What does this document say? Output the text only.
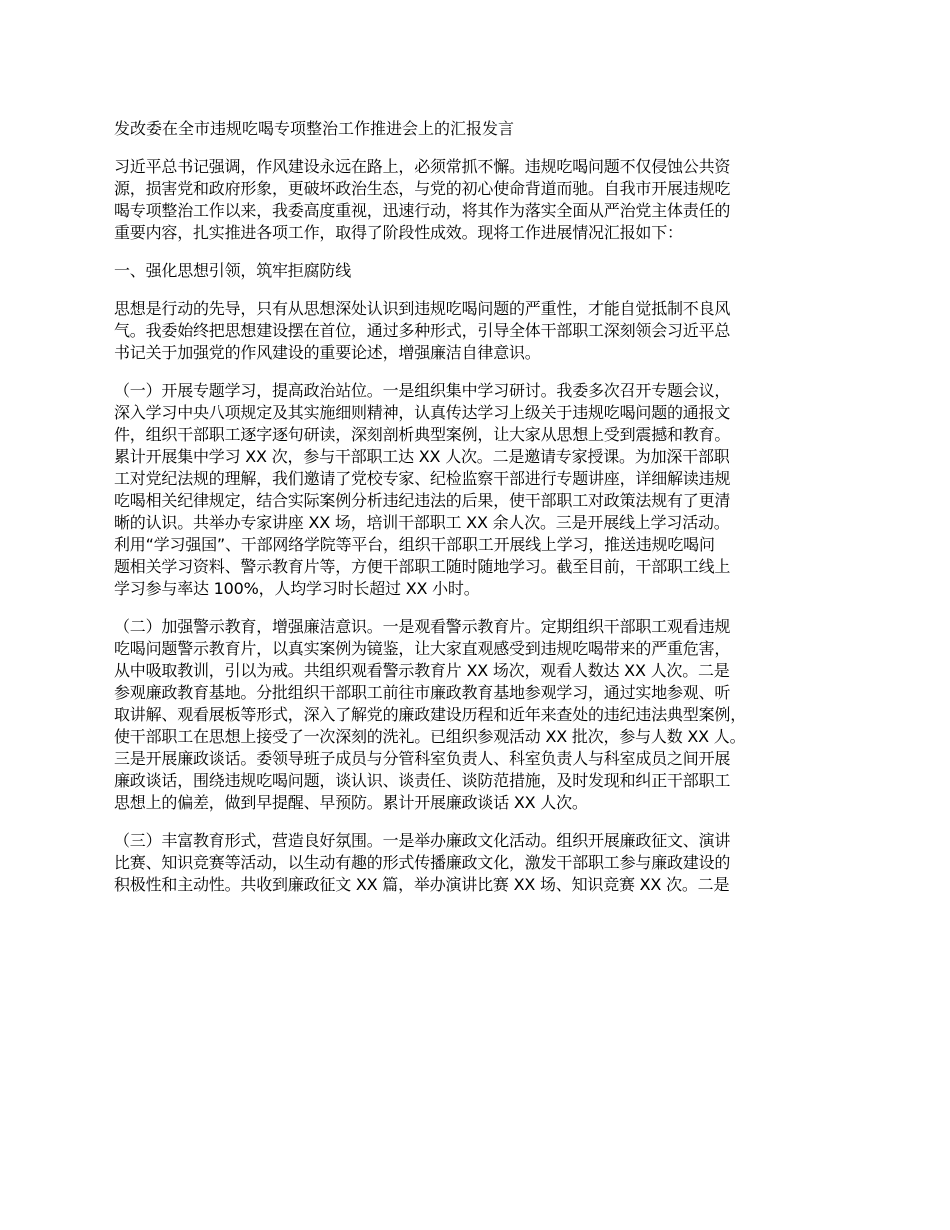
发改委在全市违规吃喝专项整治工作推进会上的汇报发言
习近平总书记强调，作风建设永远在路上，必须常抓不懈。违规吃喝问题不仅侵蚀公共资
源，损害党和政府形象，更破坏政治生态，与党的初心使命背道而驰。自我市开展违规吃
喝专项整治工作以来，我委高度重视，迅速行动，将其作为落实全面从严治党主体责任的
重要内容，扎实推进各项工作，取得了阶段性成效。现将工作进展情况汇报如下：
一、强化思想引领，筑牢拒腐防线
思想是行动的先导，只有从思想深处认识到违规吃喝问题的严重性，才能自觉抵制不良风
气。我委始终把思想建设摆在首位，通过多种形式，引导全体干部职工深刻领会习近平总
书记关于加强党的作风建设的重要论述，增强廉洁自律意识。
（一）开展专题学习，提高政治站位。一是组织集中学习研讨。我委多次召开专题会议，
深入学习中央八项规定及其实施细则精神，认真传达学习上级关于违规吃喝问题的通报文
件，组织干部职工逐字逐句研读，深刻剖析典型案例，让大家从思想上受到震撼和教育。
累计开展集中学习 XX 次，参与干部职工达 XX 人次。二是邀请专家授课。为加深干部职
工对党纪法规的理解，我们邀请了党校专家、纪检监察干部进行专题讲座，详细解读违规
吃喝相关纪律规定，结合实际案例分析违纪违法的后果，使干部职工对政策法规有了更清
晰的认识。共举办专家讲座 XX 场，培训干部职工 XX 余人次。三是开展线上学习活动。
利用“学习强国”、干部网络学院等平台，组织干部职工开展线上学习，推送违规吃喝问
题相关学习资料、警示教育片等，方便干部职工随时随地学习。截至目前，干部职工线上
学习参与率达 100%，人均学习时长超过 XX 小时。
（二）加强警示教育，增强廉洁意识。一是观看警示教育片。定期组织干部职工观看违规
吃喝问题警示教育片，以真实案例为镜鉴，让大家直观感受到违规吃喝带来的严重危害，
从中吸取教训，引以为戒。共组织观看警示教育片 XX 场次，观看人数达 XX 人次。二是
参观廉政教育基地。分批组织干部职工前往市廉政教育基地参观学习，通过实地参观、听
取讲解、观看展板等形式，深入了解党的廉政建设历程和近年来查处的违纪违法典型案例，
使干部职工在思想上接受了一次深刻的洗礼。已组织参观活动 XX 批次，参与人数 XX 人。
三是开展廉政谈话。委领导班子成员与分管科室负责人、科室负责人与科室成员之间开展
廉政谈话，围绕违规吃喝问题，谈认识、谈责任、谈防范措施，及时发现和纠正干部职工
思想上的偏差，做到早提醒、早预防。累计开展廉政谈话 XX 人次。
（三）丰富教育形式，营造良好氛围。一是举办廉政文化活动。组织开展廉政征文、演讲
比赛、知识竞赛等活动，以生动有趣的形式传播廉政文化，激发干部职工参与廉政建设的
积极性和主动性。共收到廉政征文 XX 篇，举办演讲比赛 XX 场、知识竞赛 XX 次。二是
